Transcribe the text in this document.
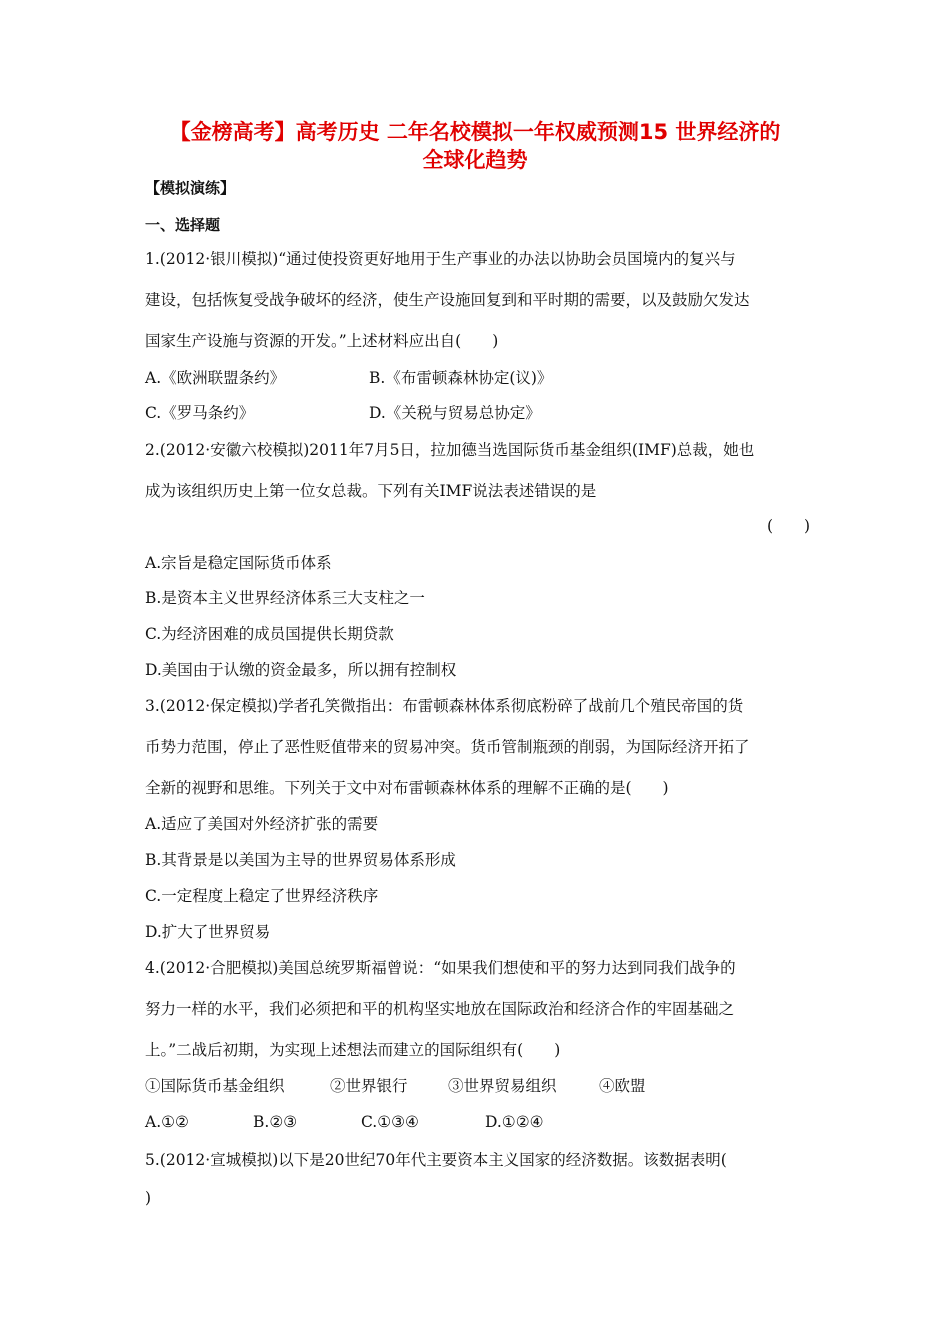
【金榜高考】高考历史 二年名校模拟一年权威预测15 世界经济的
全球化趋势
【模拟演练】
一、选择题
1.(2012·银川模拟)“通过使投资更好地用于生产事业的办法以协助会员国境内的复兴与
建设，包括恢复受战争破坏的经济，使生产设施回复到和平时期的需要，以及鼓励欠发达
国家生产设施与资源的开发。”上述材料应出自(　　)
A.《欧洲联盟条约》	B.《布雷顿森林协定(议)》
C.《罗马条约》	D.《关税与贸易总协定》
2.(2012·安徽六校模拟)2011年7月5日，拉加德当选国际货币基金组织(IMF)总裁，她也
成为该组织历史上第一位女总裁。下列有关IMF说法表述错误的是
(　　)
A.宗旨是稳定国际货币体系
B.是资本主义世界经济体系三大支柱之一
C.为经济困难的成员国提供长期贷款
D.美国由于认缴的资金最多，所以拥有控制权
3.(2012·保定模拟)学者孔笑微指出：布雷顿森林体系彻底粉碎了战前几个殖民帝国的货
币势力范围，停止了恶性贬值带来的贸易冲突。货币管制瓶颈的削弱，为国际经济开拓了
全新的视野和思维。下列关于文中对布雷顿森林体系的理解不正确的是(　　)
A.适应了美国对外经济扩张的需要
B.其背景是以美国为主导的世界贸易体系形成
C.一定程度上稳定了世界经济秩序
D.扩大了世界贸易
4.(2012·合肥模拟)美国总统罗斯福曾说：“如果我们想使和平的努力达到同我们战争的
努力一样的水平，我们必须把和平的机构坚实地放在国际政治和经济合作的牢固基础之
上。”二战后初期，为实现上述想法而建立的国际组织有(　　)
①国际货币基金组织	②世界银行	③世界贸易组织	④欧盟
A.①②	B.②③	C.①③④	D.①②④
5.(2012·宣城模拟)以下是20世纪70年代主要资本主义国家的经济数据。该数据表明(
)
